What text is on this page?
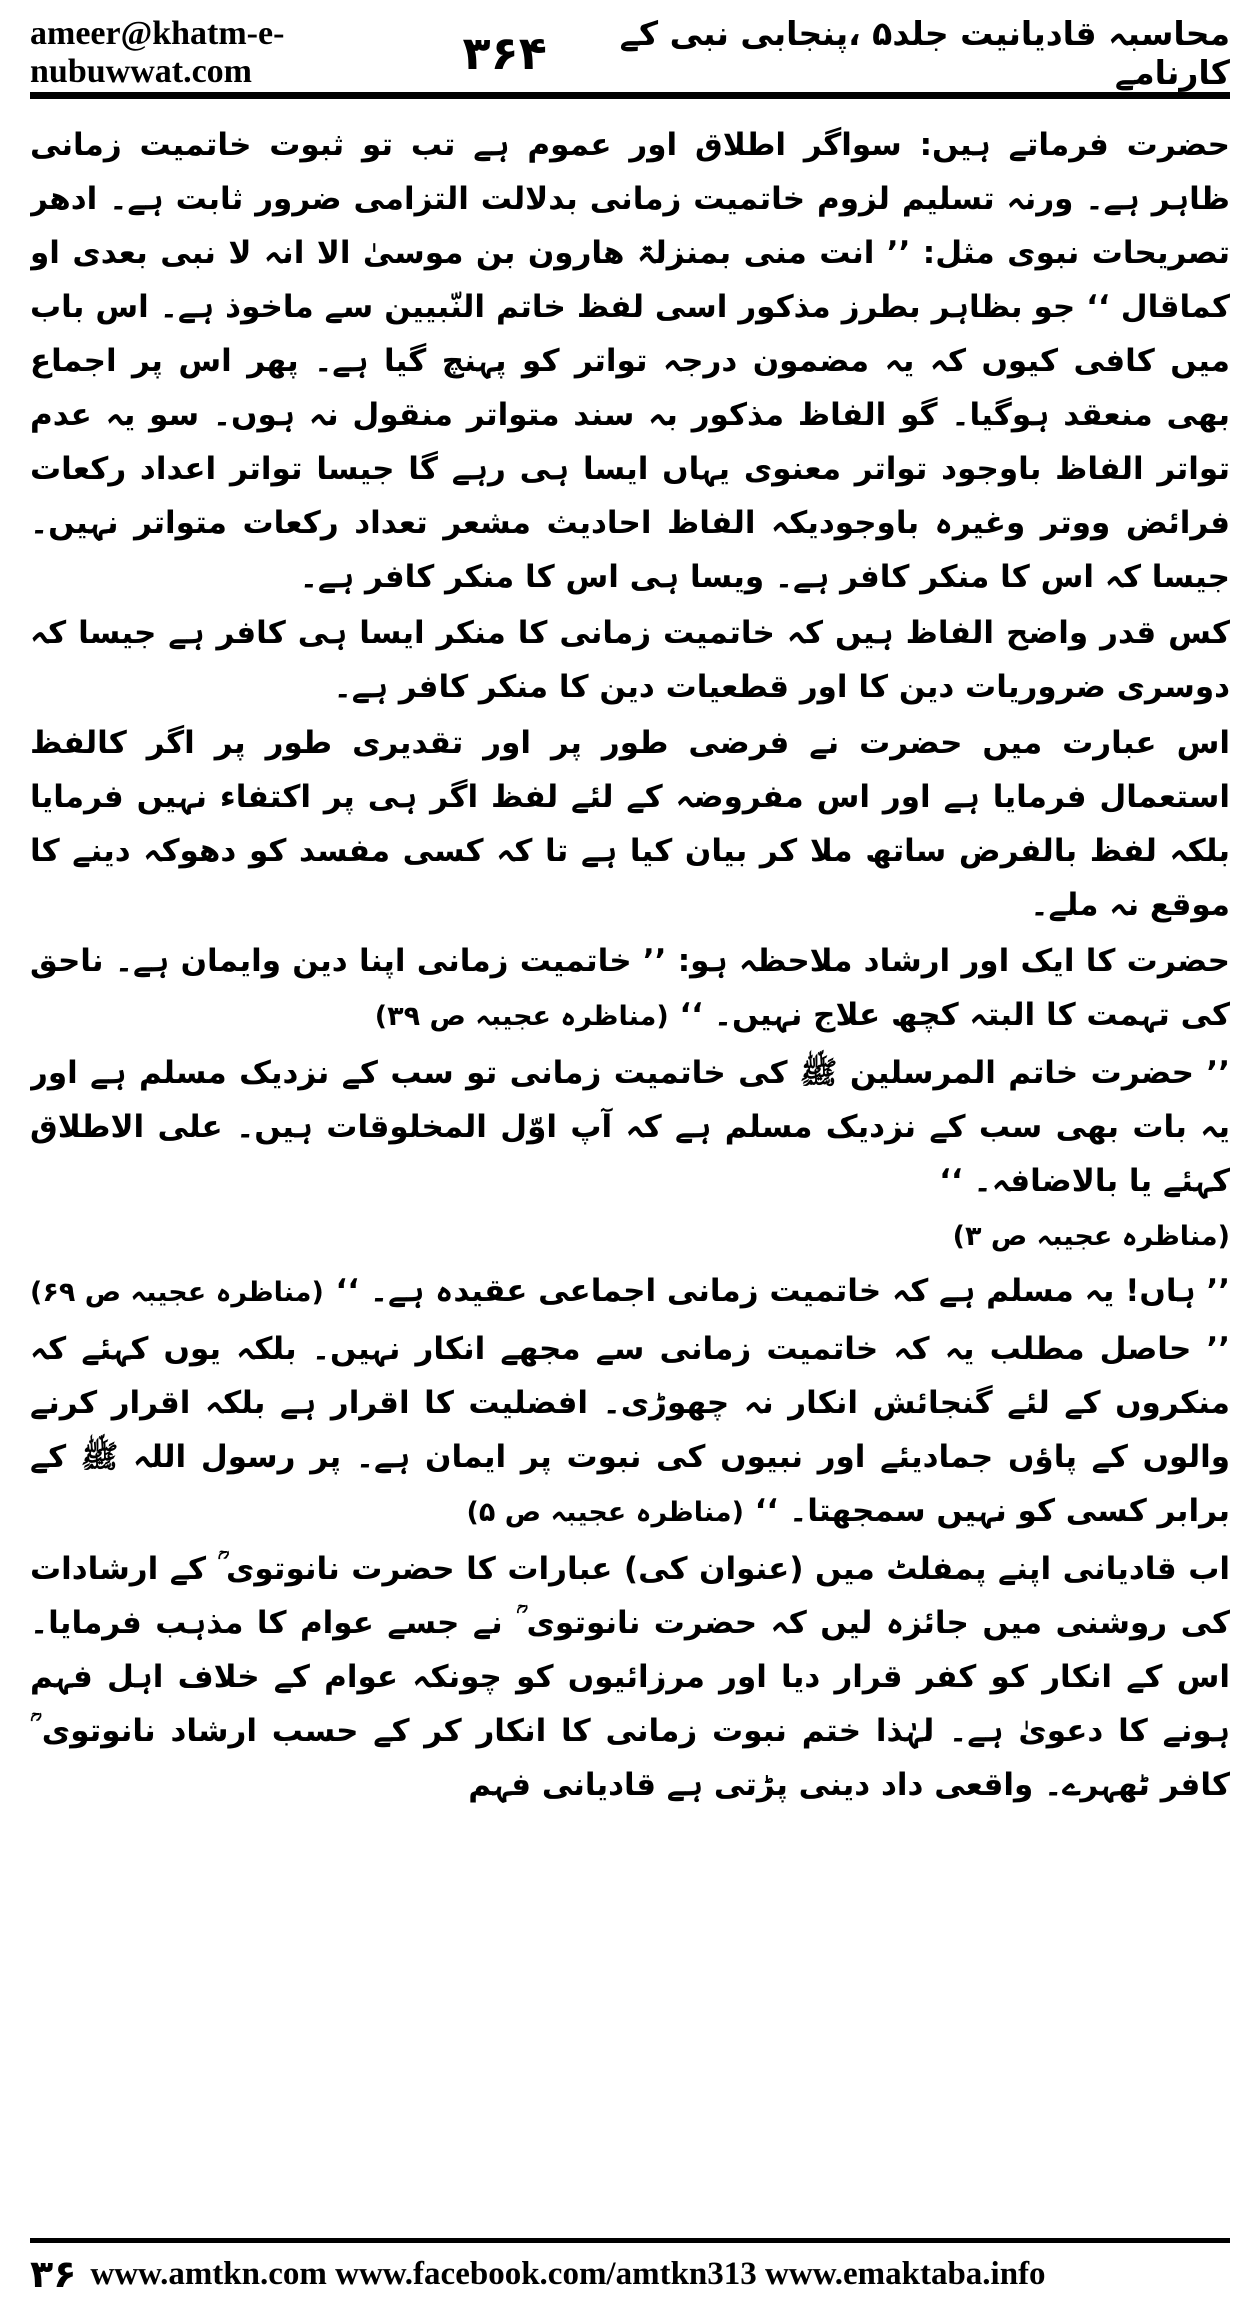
ameer@khatm-e-nubuwwat.com	۳۶۴	محاسبہ قادیانیت جلد۵ ،پنجابی نبی کے کارنامے

حضرت فرماتے ہیں: سواگر اطلاق اور عموم ہے تب تو ثبوت خاتمیت زمانی ظاہر ہے۔ ورنہ تسلیم لزوم خاتمیت زمانی بدلالت التزامی ضرور ثابت ہے۔ ادھر تصریحات نبوی مثل: ’’ انت منی بمنزلۃ ھارون بن موسیٰ الا انہ لا نبی بعدی او کماقال ‘‘ جو بظاہر بطرز مذکور اسی لفظ خاتم النّبیین سے ماخوذ ہے۔ اس باب میں کافی کیوں کہ یہ مضمون درجہ تواتر کو پہنچ گیا ہے۔ پھر اس پر اجماع بھی منعقد ہوگیا۔ گو الفاظ مذکور بہ سند متواتر منقول نہ ہوں۔ سو یہ عدم تواتر الفاظ باوجود تواتر معنوی یہاں ایسا ہی رہے گا جیسا تواتر اعداد رکعات فرائض ووتر وغیرہ باوجودیکہ الفاظ احادیث مشعر تعداد رکعات متواتر نہیں۔ جیسا کہ اس کا منکر کافر ہے۔ ویسا ہی اس کا منکر کافر ہے۔

کس قدر واضح الفاظ ہیں کہ خاتمیت زمانی کا منکر ایسا ہی کافر ہے جیسا کہ دوسری ضروریات دین کا اور قطعیات دین کا منکر کافر ہے۔

اس عبارت میں حضرت نے فرضی طور پر اور تقدیری طور پر اگر کالفظ استعمال فرمایا ہے اور اس مفروضہ کے لئے لفظ اگر ہی پر اکتفاء نہیں فرمایا بلکہ لفظ بالفرض ساتھ ملا کر بیان کیا ہے تا کہ کسی مفسد کو دھوکہ دینے کا موقع نہ ملے۔

حضرت کا ایک اور ارشاد ملاحظہ ہو: ’’ خاتمیت زمانی اپنا دین وایمان ہے۔ ناحق کی تہمت کا البتہ کچھ علاج نہیں۔ ‘‘ (مناظرہ عجیبہ ص ۳۹)

’’ حضرت خاتم المرسلین ﷺ کی خاتمیت زمانی تو سب کے نزدیک مسلم ہے اور یہ بات بھی سب کے نزدیک مسلم ہے کہ آپ اوّل المخلوقات ہیں۔ علی الاطلاق کہئے یا بالاضافہ۔ ‘‘

(مناظرہ عجیبہ ص ۳)
’’ ہاں! یہ مسلم ہے کہ خاتمیت زمانی اجماعی عقیدہ ہے۔ ‘‘
(مناظرہ عجیبہ ص ۶۹)
’’ حاصل مطلب یہ کہ خاتمیت زمانی سے مجھے انکار نہیں۔ بلکہ یوں کہئے کہ منکروں کے لئے گنجائش انکار نہ چھوڑی۔ افضلیت کا اقرار ہے بلکہ اقرار کرنے والوں کے پاؤں جمادیئے اور نبیوں کی نبوت پر ایمان ہے۔ پر رسول اللہ ﷺ کے برابر کسی کو نہیں سمجھتا۔ ‘‘ (مناظرہ عجیبہ ص ۵)

اب قادیانی اپنے پمفلٹ میں (عنوان کی) عبارات کا حضرت نانوتوی ؒ کے ارشادات کی روشنی میں جائزہ لیں کہ حضرت نانوتوی ؒ نے جسے عوام کا مذہب فرمایا۔ اس کے انکار کو کفر قرار دیا اور مرزائیوں کو چونکہ عوام کے خلاف اہل فہم ہونے کا دعویٰ ہے۔ لہٰذا ختم نبوت زمانی کا انکار کر کے حسب ارشاد نانوتوی ؒ کافر ٹھہرے۔ واقعی داد دینی پڑتی ہے قادیانی فہم

۳۶ www.amtkn.com www.facebook.com/amtkn313 www.emaktaba.info
